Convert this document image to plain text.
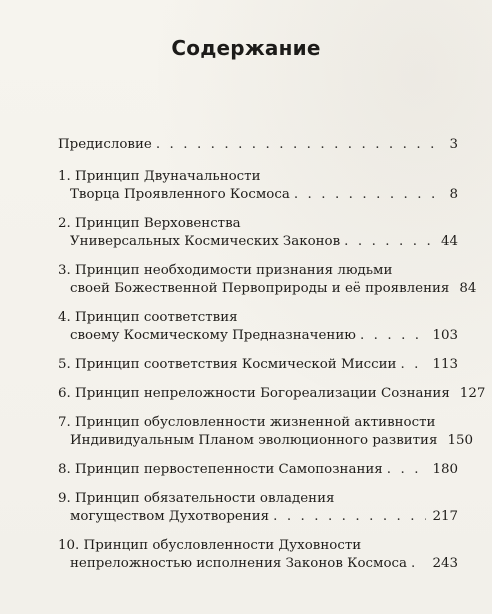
Содержание
Предисловие . . .	3
1. Принцип Двуначальности
Творца Проявленного Космоса . . .	8
2. Принцип Верховенства
Универсальных Космических Законов . . .	44
3. Принцип необходимости признания людьми
своей Божественной Первоприроды и её проявления 84
4. Принцип соответствия
своему Космическому Предназначению . . .	103
5. Принцип соответствия Космической Миссии . . .	113
6. Принцип непреложности Богореализации Сознания 127
7. Принцип обусловленности жизненной активности
Индивидуальным Планом эволюционного развития 150
8. Принцип первостепенности Самопознания . . .	180
9. Принцип обязательности овладения
могуществом Духотворения . . .	217
10. Принцип обусловленности Духовности
непреложностью исполнения Законов Космоса . . . 243
